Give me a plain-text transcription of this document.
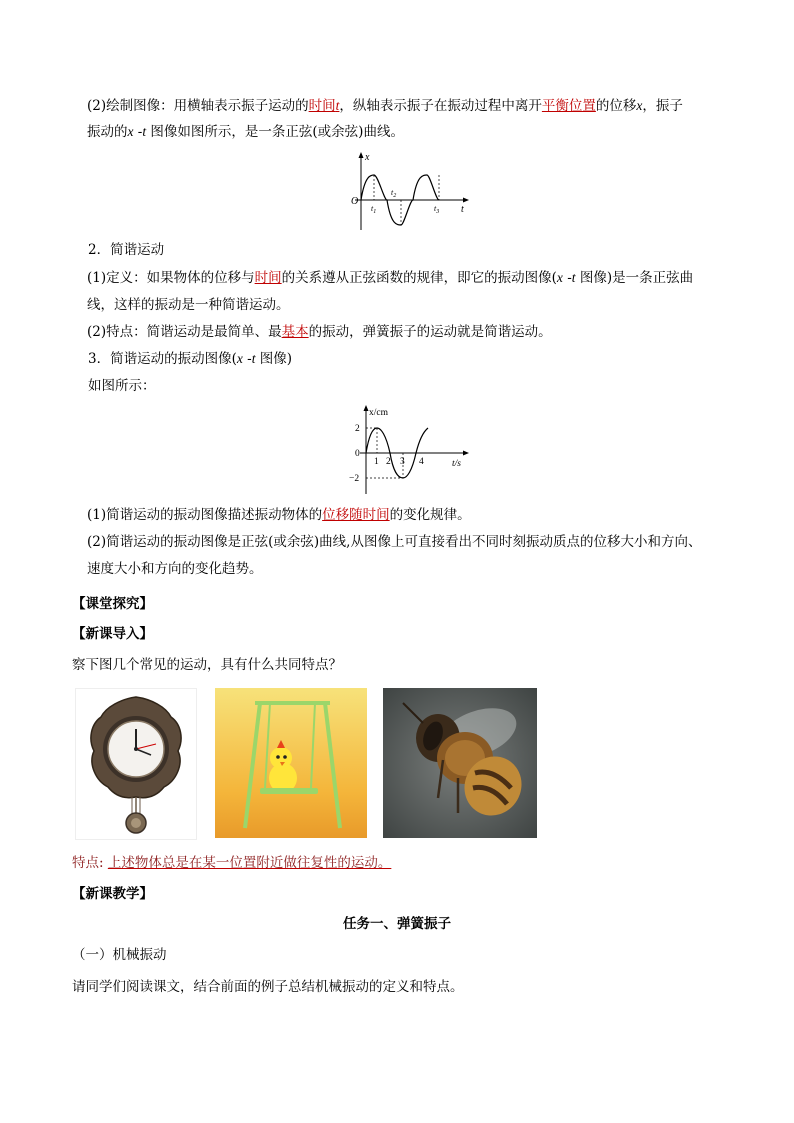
(2)绘制图像：用横轴表示振子运动的时间t，纵轴表示振子在振动过程中离开平衡位置的位移x，振子
振动的x -t 图像如图所示，是一条正弦(或余弦)曲线。
x
t
O
$t_1$
$t_2$
$t_3$
2．简谐运动
(1)定义：如果物体的位移与时间的关系遵从正弦函数的规律，即它的振动图像(x -t 图像)是一条正弦曲
线，这样的振动是一种简谐运动。
(2)特点：简谐运动是最简单、最基本的振动，弹簧振子的运动就是简谐运动。
3．简谐运动的振动图像(x -t 图像)
如图所示：
x/cm
t/s
2
0
−2
1 2 3 4
(1)简谐运动的振动图像描述振动物体的位移随时间的变化规律。
(2)简谐运动的振动图像是正弦(或余弦)曲线,从图像上可直接看出不同时刻振动质点的位移大小和方向、
速度大小和方向的变化趋势。
【课堂探究】
【新课导入】
察下图几个常见的运动，具有什么共同特点？
特点: 上述物体总是在某一位置附近做往复性的运动。
【新课教学】
任务一、弹簧振子
（一）机械振动
请同学们阅读课文，结合前面的例子总结机械振动的定义和特点。
